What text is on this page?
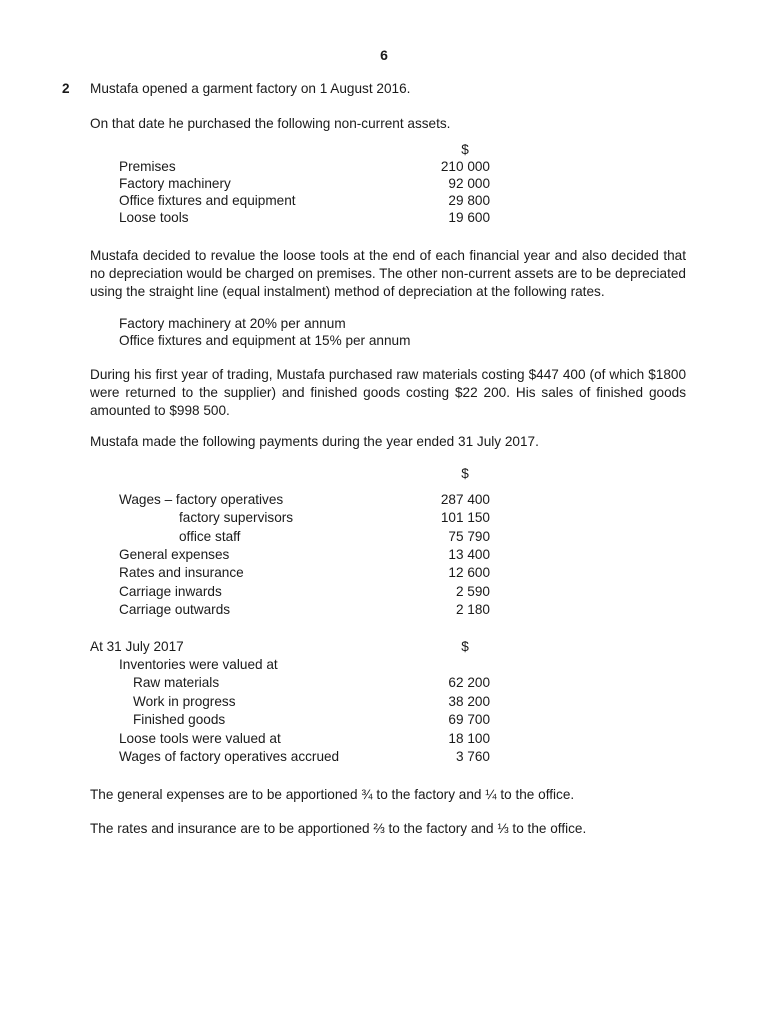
6
2 Mustafa opened a garment factory on 1 August 2016.
On that date he purchased the following non-current assets.
$
Premises	210 000
Factory machinery	92 000
Office fixtures and equipment	29 800
Loose tools	19 600
Mustafa decided to revalue the loose tools at the end of each financial year and also decided that no depreciation would be charged on premises. The other non-current assets are to be depreciated using the straight line (equal instalment) method of depreciation at the following rates.
Factory machinery at 20% per annum
Office fixtures and equipment at 15% per annum
During his first year of trading, Mustafa purchased raw materials costing $447 400 (of which $1800 were returned to the supplier) and finished goods costing $22 200. His sales of finished goods amounted to $998 500.
Mustafa made the following payments during the year ended 31 July 2017.
$
Wages – factory operatives	287 400
factory supervisors	101 150
office staff	75 790
General expenses	13 400
Rates and insurance	12 600
Carriage inwards	2 590
Carriage outwards	2 180
At 31 July 2017	$
Inventories were valued at
Raw materials	62 200
Work in progress	38 200
Finished goods	69 700
Loose tools were valued at	18 100
Wages of factory operatives accrued	3 760
The general expenses are to be apportioned ¾ to the factory and ¼ to the office.
The rates and insurance are to be apportioned ⅔ to the factory and ⅓ to the office.
